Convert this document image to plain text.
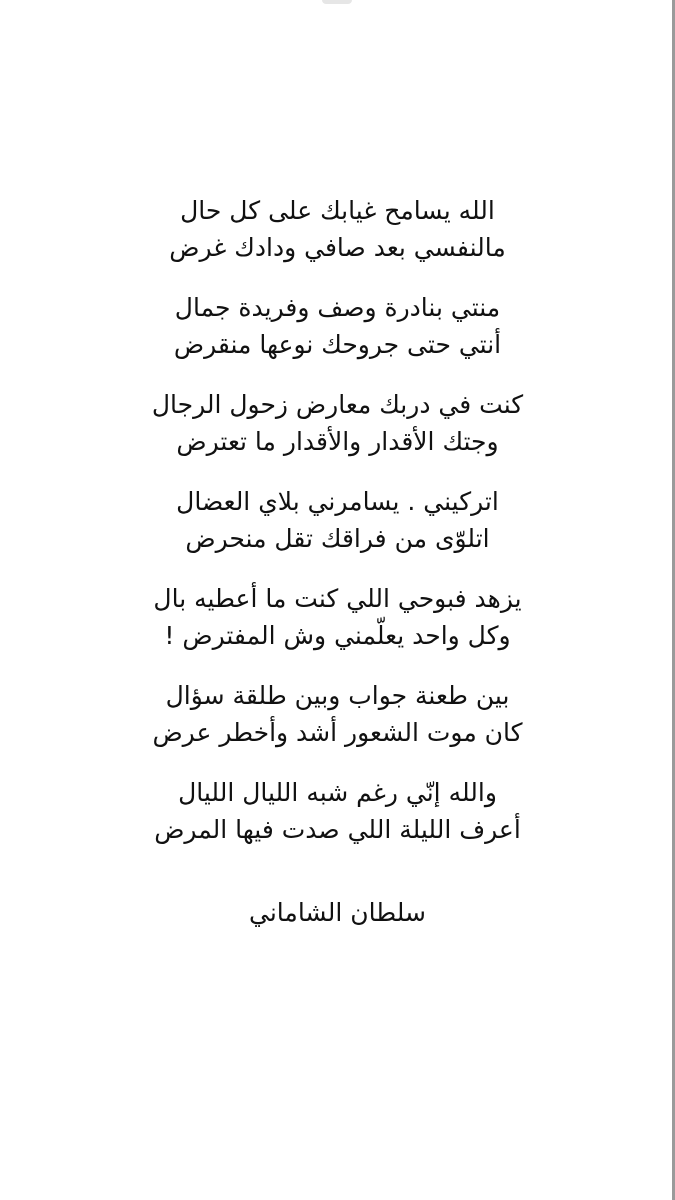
الله يسامح غيابك على كل حال
مالنفسي بعد صافي ودادك غرض
منتي بنادرة وصف وفريدة جمال
أنتي حتى جروحك نوعها منقرض
كنت في دربك معارض زحول الرجال
وجتك الأقدار والأقدار ما تعترض
اتركيني . يسامرني بلاي العضال
اتلوّى من فراقك تقل منحرض
يزهد فبوحي اللي كنت ما أعطيه بال
وكل واحد يعلّمني وش المفترض !
بين طعنة جواب وبين طلقة سؤال
كان موت الشعور أشد وأخطر عرض
والله إنّي رغم شبه الليال الليال
أعرف الليلة اللي صدت فيها المرض
سلطان الشاماني
